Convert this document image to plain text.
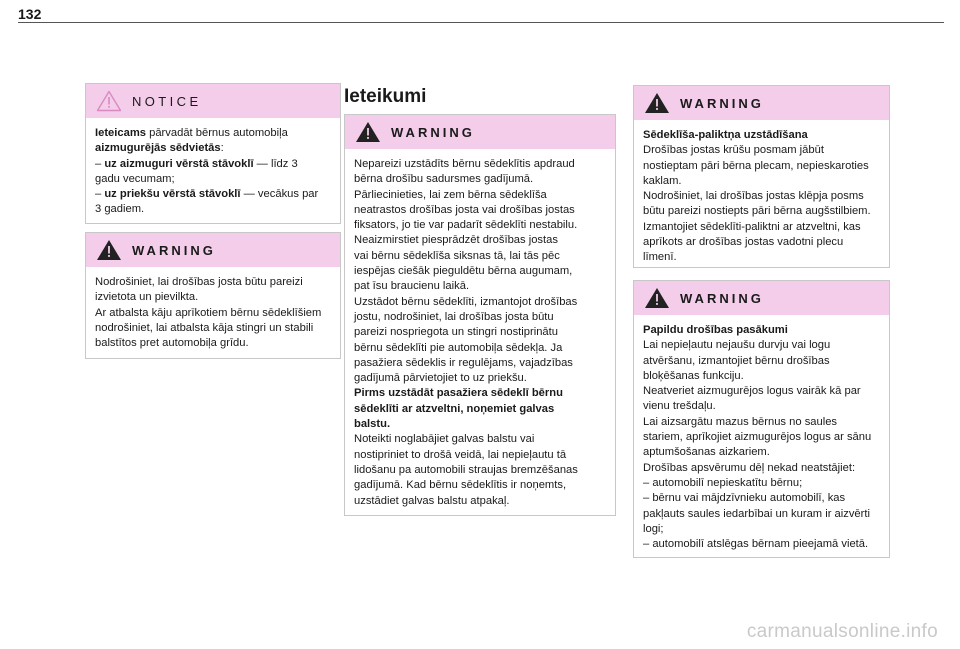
132
NOTICE

Ieteicams pārvadāt bērnus automobiļa

aizmugurējās sēdvietās:

– uz aizmuguri vērstā stāvoklī — līdz 3

gadu vecumam;

– uz priekšu vērstā stāvoklī — vecākus par

3 gadiem.

WARNING

Nodrošiniet, lai drošības josta būtu pareizi

izvietota un pievilkta.

Ar atbalsta kāju aprīkotiem bērnu sēdeklīšiem

nodrošiniet, lai atbalsta kāja stingri un stabili

balstītos pret automobiļa grīdu.

Ieteikumi
WARNING

Nepareizi uzstādīts bērnu sēdeklītis apdraud

bērna drošību sadursmes gadījumā.

Pārliecinieties, lai zem bērna sēdeklīša

neatrastos drošības josta vai drošības jostas

fiksators, jo tie var padarīt sēdeklīti nestabilu.

Neaizmirstiet piesprādzēt drošības jostas

vai bērnu sēdeklīša siksnas tā, lai tās pēc

iespējas ciešāk pieguldētu bērna augumam,

pat īsu braucienu laikā.

Uzstādot bērnu sēdeklīti, izmantojot drošības

jostu, nodrošiniet, lai drošības josta būtu

pareizi nospriegota un stingri nostiprinātu

bērnu sēdeklīti pie automobiļa sēdekļa. Ja

pasažiera sēdeklis ir regulējams, vajadzības

gadījumā pārvietojiet to uz priekšu.

Pirms uzstādāt pasažiera sēdeklī bērnu

sēdeklīti ar atzveltni, noņemiet galvas

balstu.

Noteikti noglabājiet galvas balstu vai

nostipriniet to drošā veidā, lai nepieļautu tā

lidošanu pa automobili straujas bremzēšanas

gadījumā. Kad bērnu sēdeklītis ir noņemts,

uzstādiet galvas balstu atpakaļ.

WARNING

Sēdeklīša-paliktņa uzstādīšana

Drošības jostas krūšu posmam jābūt

nostieptam pāri bērna plecam, nepieskaroties

kaklam.

Nodrošiniet, lai drošības jostas klēpja posms

būtu pareizi nostiepts pāri bērna augšstilbiem.

Izmantojiet sēdeklīti-paliktni ar atzveltni, kas

aprīkots ar drošības jostas vadotni plecu

līmenī.

WARNING

Papildu drošības pasākumi

Lai nepieļautu nejaušu durvju vai logu

atvēršanu, izmantojiet bērnu drošības

bloķēšanas funkciju.

Neatveriet aizmugurējos logus vairāk kā par

vienu trešdaļu.

Lai aizsargātu mazus bērnus no saules

stariem, aprīkojiet aizmugurējos logus ar sānu

aptumšošanas aizkariem.

Drošības apsvērumu dēļ nekad neatstājiet:

– automobilī nepieskatītu bērnu;

– bērnu vai mājdzīvnieku automobilī, kas

pakļauts saules iedarbībai un kuram ir aizvērti

logi;

– automobilī atslēgas bērnam pieejamā vietā.

carmanualsonline.info
